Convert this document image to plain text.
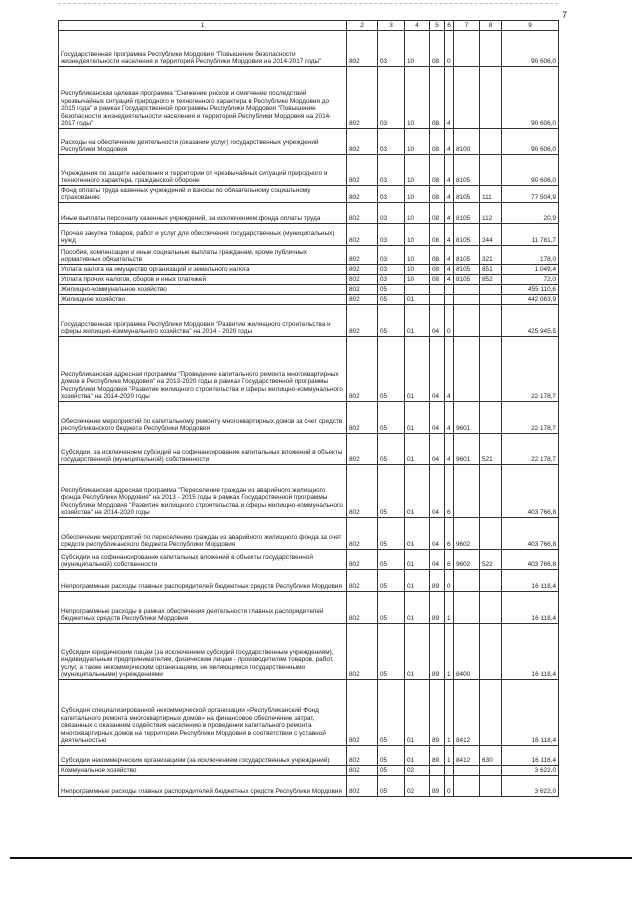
7
1	2	3	4	5	6	7	8	9
Государственная программа Республики Мордовия "Повышение безопасности жизнедеятельности населения и территорий Республики Мордовия на 2014-2017 годы"	802	03	10	08	0			90 606,0
Республиканская целевая программа "Снижение рисков и смягчение последствий чрезвычайных ситуаций природного и техногенного характера в Республике Мордовия до 2015 года" в рамках Государственной программы Республики Мордовия "Повышение безопасности жизнедеятельности населения и территорий Республики Мордовия на 2014-2017 годы"	802	03	10	08	4			90 606,0
Расходы на обеспечение деятельности (оказание услуг) государственных учреждений Республики Мордовия	802	03	10	08	4	8100		90 606,0
Учреждения по защите населения и территории от чрезвычайных ситуаций природного и техногенного характера, гражданской обороне	802	03	10	08	4	8105		90 606,0
Фонд оплаты труда казенных учреждений и взносы по обязательному социальному страхованию	802	03	10	08	4	8105	111	77 504,9
Иные выплаты персоналу казенных учреждений, за исключением фонда оплаты труда	802	03	10	08	4	8105	112	20,9
Прочая закупка товаров, работ и услуг для обеспечения государственных (муниципальных) нужд	802	03	10	08	4	8105	244	11 781,7
Пособия, компенсации и иные социальные выплаты гражданам, кроме публичных нормативных обязательств	802	03	10	08	4	8105	321	178,0
Уплата налога на имущество организаций и земельного налога	802	03	10	08	4	8105	851	1 049,4
Уплата прочих налогов, сборов и иных платежей	802	03	10	08	4	8105	852	72,0
Жилищно-коммунальное хозяйство	802	05						455 110,6
Жилищное хозяйство	802	05	01					442 063,9
Государственная программа Республики Мордовия "Развитие жилищного строительства и сферы жилищно-коммунального хозяйства" на 2014 - 2020 годы	802	05	01	04	0			425 945,5
Республиканская адресная программа "Проведение капитального ремонта многоквартирных домов в Республике Мордовия" на 2013-2020 годы в рамках Государственной программы Республики Мордовия "Развитие жилищного строительства и сферы жилищно-коммунального хозяйства" на 2014-2020 годы	802	05	01	04	4			22 178,7
Обеспечение мероприятий по капитальному ремонту многоквартирных домов за счет средств республиканского бюджета Республики Мордовия	802	05	01	04	4	9601		22 178,7
Субсидии, за исключением субсидий на софинансирование капитальных вложений в объекты государственной (муниципальной) собственности	802	05	01	04	4	9601	521	22 178,7
Республиканская адресная программа "Переселение граждан из аварийного жилищного фонда Республики Мордовия" на 2013 - 2015 годы в рамках Государственной программы Республики Мордовия "Развитие жилищного строительства и сферы жилищно-коммунального хозяйства" на 2014-2020 годы	802	05	01	04	6			403 766,8
Обеспечение мероприятий по переселению граждан из аварийного жилищного фонда за счет средств республиканского бюджета Республики Мордовия	802	05	01	04	6	9602		403 766,8
Субсидии на софинансирование капитальных вложений в объекты государственной (муниципальной) собственности	802	05	01	04	6	9602	522	403 766,8
Непрограммные расходы главных распорядителей бюджетных средств Республики Мордовия	802	05	01	89	0			16 118,4
Непрограммные расходы в рамках обеспечения деятельности главных распорядителей бюджетных средств Республики Мордовия	802	05	01	89	1			16 118,4
Субсидии юридическим лицам (за исключением субсидий государственным учреждениям), индивидуальным предпринимателям, физическим лицам - производителям товаров, работ, услуг, а также некоммерческим организациям, не являющимся государственными (муниципальными) учреждениями	802	05	01	89	1	8400		16 118,4
Субсидия специализированной некоммерческой организации «Республиканский Фонд капитального ремонта многоквартирных домов» на финансовое обеспечение затрат, связанных с оказанием содействия населению в проведении капитального ремонта многоквартирных домов на территории Республики Мордовия в соответствии с уставной деятельностью	802	05	01	89	1	8412		16 118,4
Субсидии некоммерческим организациям (за исключением государственных учреждений)	802	05	01	89	1	8412	630	16 118,4
Коммунальное хозяйство	802	05	02					3 622,0
Непрограммные расходы главных распорядителей бюджетных средств Республики Мордовия	802	05	02	89	0			3 622,0
